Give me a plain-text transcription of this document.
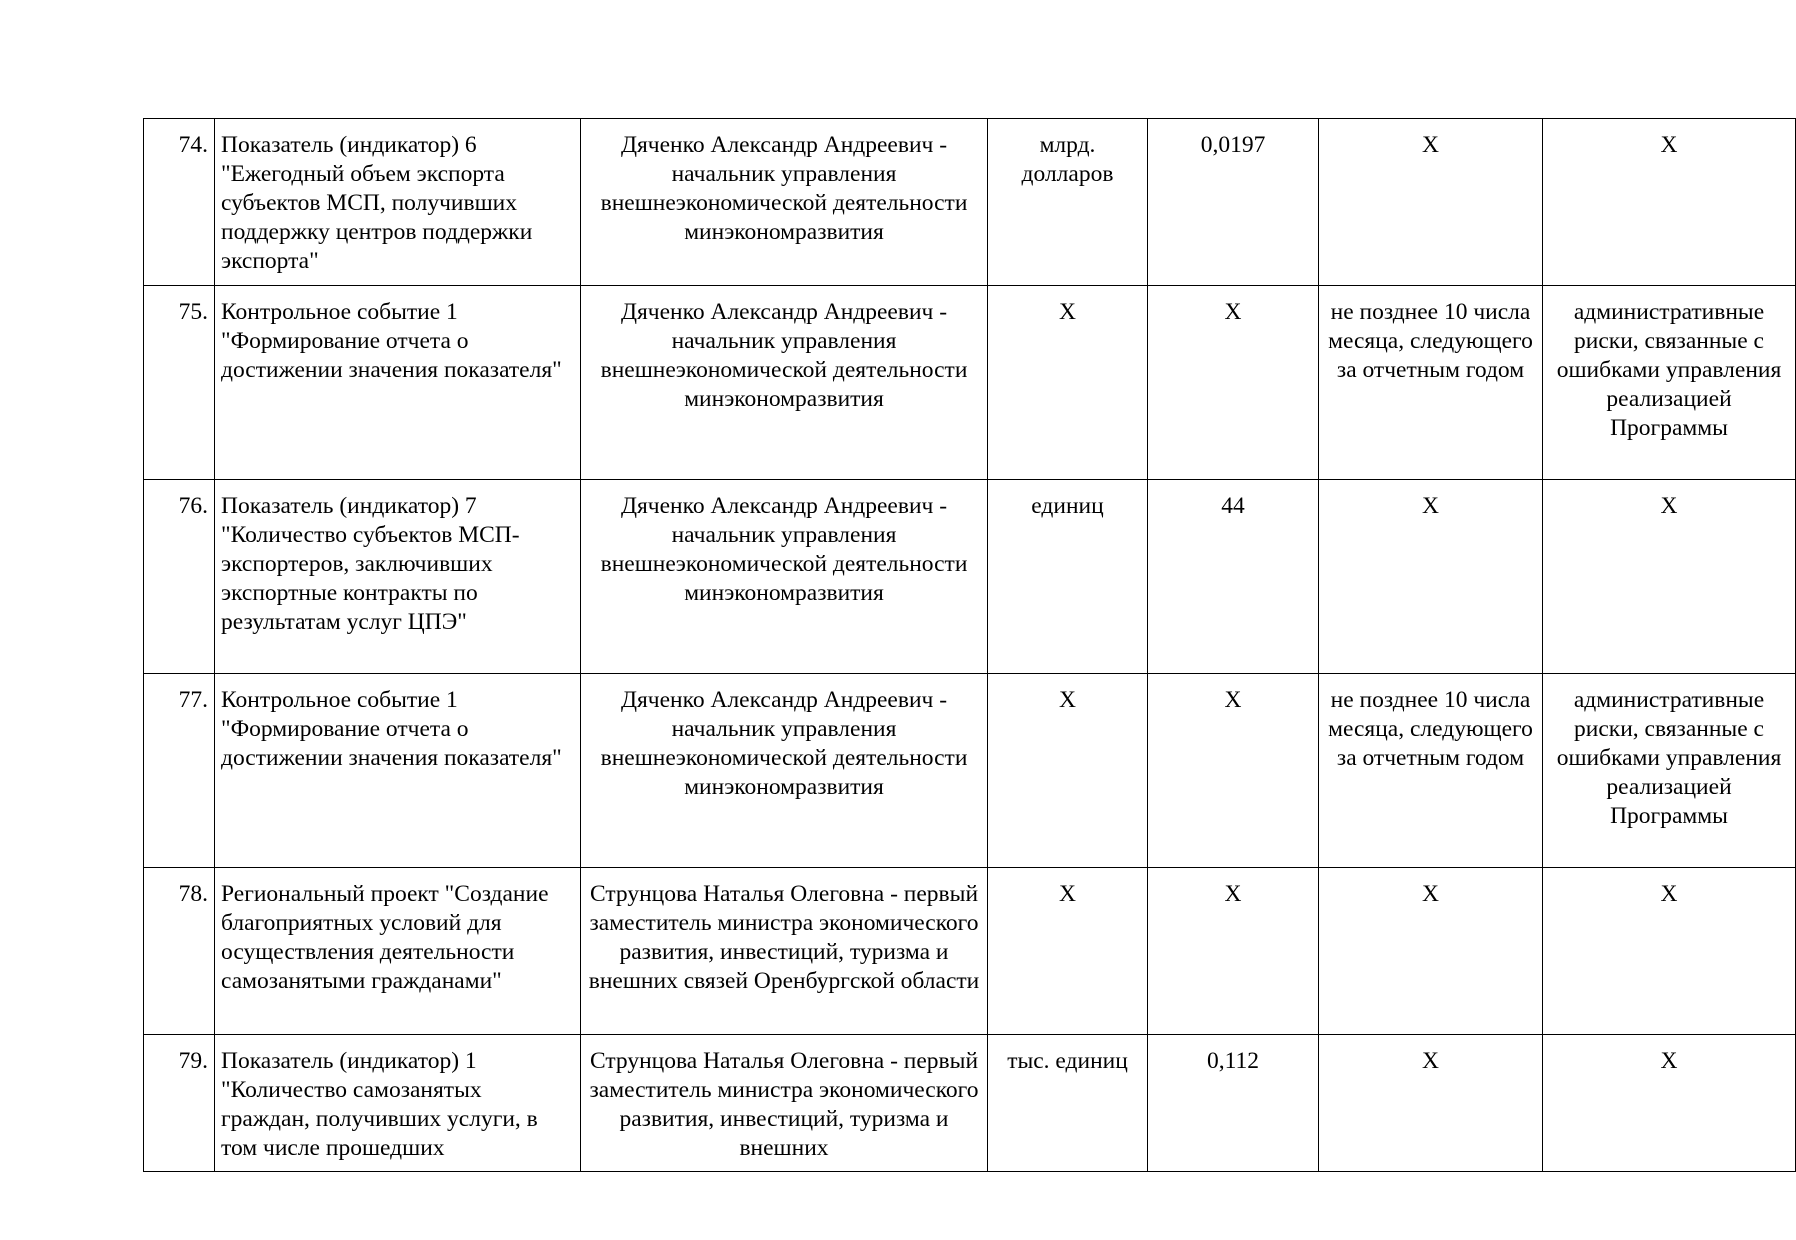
74.	Показатель (индикатор) 6 "Ежегодный объем экспорта субъектов МСП, получивших поддержку центров поддержки экспорта"	Дяченко Александр Андреевич - начальник управления внешнеэкономической деятельности минэкономразвития	млрд. долларов	0,0197	X	X
75.	Контрольное событие 1 "Формирование отчета о достижении значения показателя"	Дяченко Александр Андреевич - начальник управления внешнеэкономической деятельности минэкономразвития	X	X	не позднее 10 числа месяца, следующего за отчетным годом	административные риски, связанные с ошибками управления реализацией Программы
76.	Показатель (индикатор) 7 "Количество субъектов МСП-экспортеров, заключивших экспортные контракты по результатам услуг ЦПЭ"	Дяченко Александр Андреевич - начальник управления внешнеэкономической деятельности минэкономразвития	единиц	44	X	X
77.	Контрольное событие 1 "Формирование отчета о достижении значения показателя"	Дяченко Александр Андреевич - начальник управления внешнеэкономической деятельности минэкономразвития	X	X	не позднее 10 числа месяца, следующего за отчетным годом	административные риски, связанные с ошибками управления реализацией Программы
78.	Региональный проект "Создание благоприятных условий для осуществления деятельности самозанятыми гражданами"	Струнцова Наталья Олеговна - первый заместитель министра экономического развития, инвестиций, туризма и внешних связей Оренбургской области	X	X	X	X
79.	Показатель (индикатор) 1 "Количество самозанятых граждан, получивших услуги, в том числе прошедших	Струнцова Наталья Олеговна - первый заместитель министра экономического развития, инвестиций, туризма и внешних	тыс. единиц	0,112	X	X
